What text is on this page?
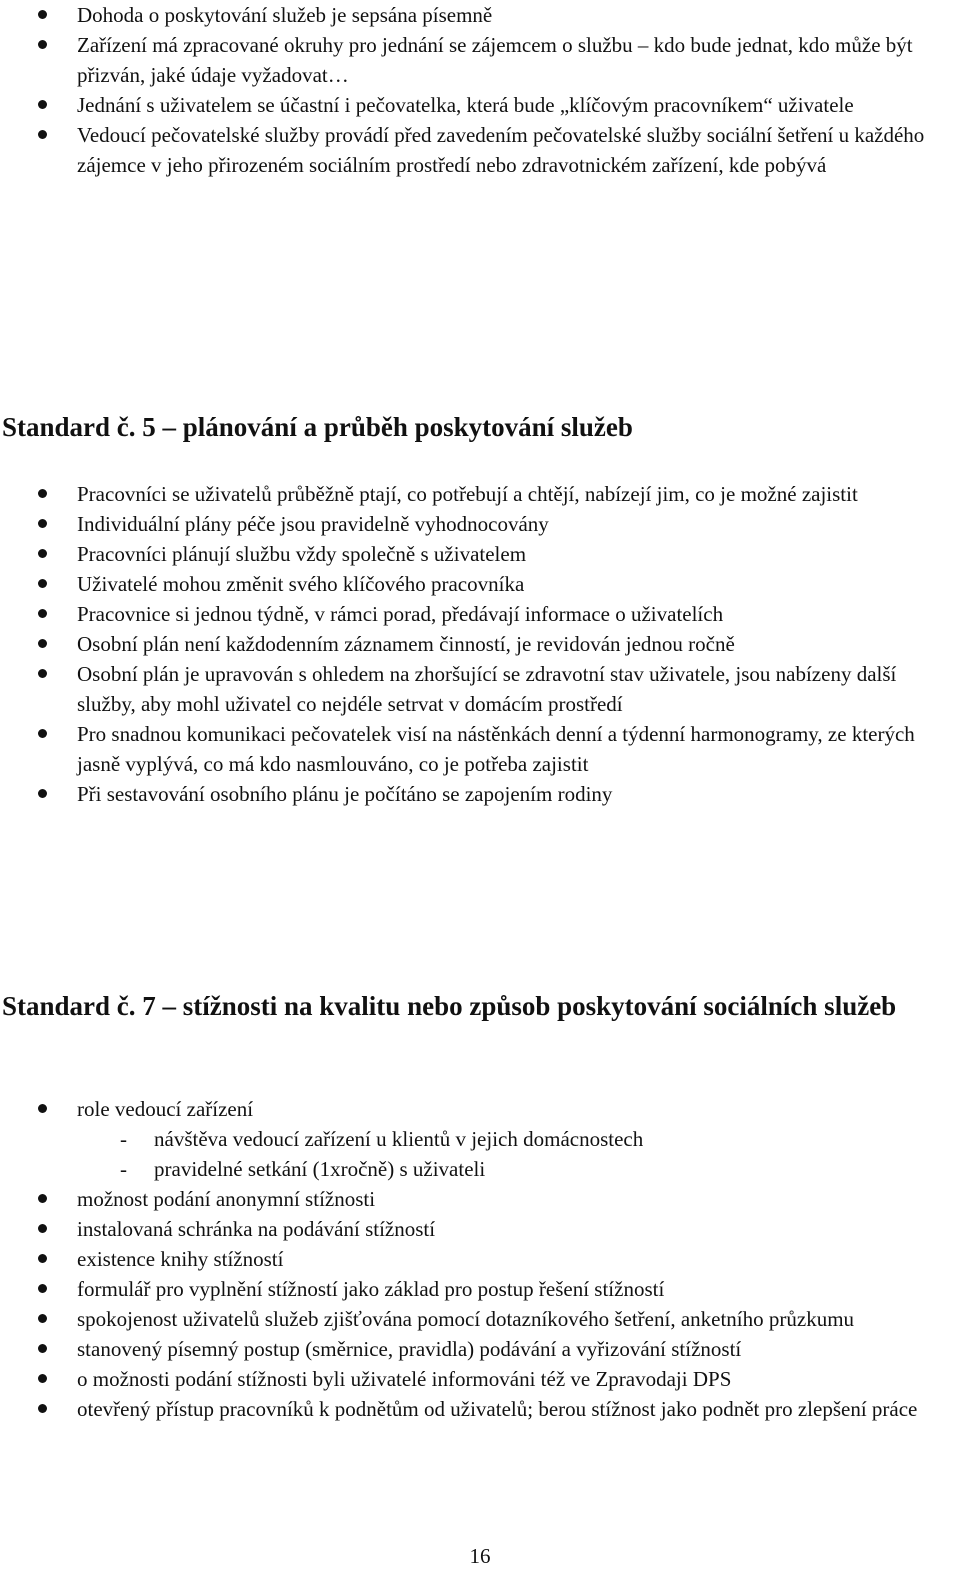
Dohoda o poskytování služeb je sepsána písemně
Zařízení má zpracované okruhy pro jednání se zájemcem o službu – kdo bude jednat, kdo může být přizván, jaké údaje vyžadovat…
Jednání s uživatelem se účastní i pečovatelka, která bude „klíčovým pracovníkem“ uživatele
Vedoucí pečovatelské služby provádí před zavedením pečovatelské služby sociální šetření u každého zájemce v jeho přirozeném sociálním prostředí nebo zdravotnickém zařízení, kde pobývá
Standard č. 5 – plánování a průběh poskytování služeb
Pracovníci se uživatelů průběžně ptají, co potřebují a chtějí, nabízejí jim, co je možné zajistit
Individuální plány péče jsou pravidelně vyhodnocovány
Pracovníci plánují službu vždy společně s uživatelem
Uživatelé mohou změnit svého klíčového pracovníka
Pracovnice si jednou týdně, v rámci porad, předávají informace o uživatelích
Osobní plán není každodenním záznamem činností, je revidován jednou ročně
Osobní plán je upravován s ohledem na zhoršující se zdravotní stav uživatele, jsou nabízeny další služby, aby mohl uživatel co nejdéle setrvat v domácím prostředí
Pro snadnou komunikaci pečovatelek visí na nástěnkách denní a týdenní harmonogramy, ze kterých jasně vyplývá, co má kdo nasmlouváno, co je potřeba zajistit
Při sestavování osobního plánu je počítáno se zapojením rodiny
Standard č. 7 – stížnosti na kvalitu nebo způsob poskytování sociálních služeb
role vedoucí zařízení
- návštěva vedoucí zařízení u klientů v jejich domácnostech
- pravidelné setkání (1xročně) s uživateli
možnost podání anonymní stížnosti
instalovaná schránka na podávání stížností
existence knihy stížností
formulář pro vyplnění stížností jako základ pro postup řešení stížností
spokojenost uživatelů služeb zjišťována pomocí dotazníkového šetření, anketního průzkumu
stanovený písemný postup (směrnice, pravidla) podávání a vyřizování stížností
o možnosti podání stížnosti byli uživatelé informováni též ve Zpravodaji DPS
otevřený přístup pracovníků k podnětům od uživatelů; berou stížnost jako podnět pro zlepšení práce
16
